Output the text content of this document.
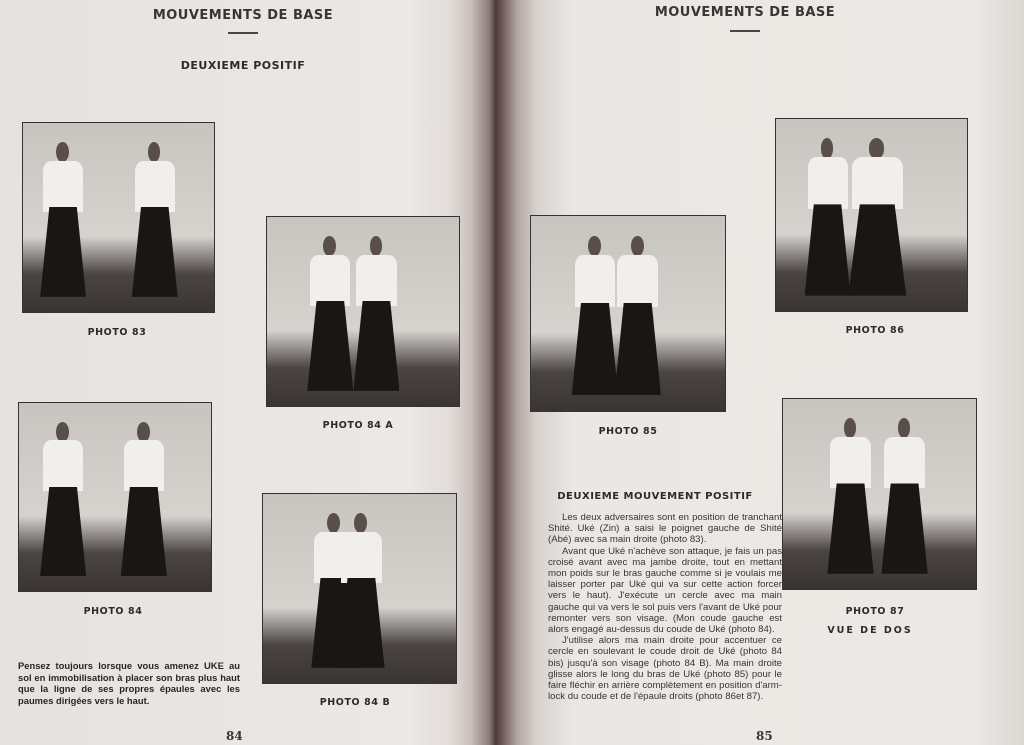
MOUVEMENTS DE BASE
DEUXIEME POSITIF
PHOTO 83
PHOTO 84 A
PHOTO 84
PHOTO 84 B
Pensez toujours lorsque vous amenez UKE au sol en immobilisation à placer son bras plus haut que la ligne de ses propres épaules avec les paumes dirigées vers le haut.
84
MOUVEMENTS DE BASE
PHOTO 85
PHOTO 86
PHOTO 87
VUE DE DOS
DEUXIEME MOUVEMENT POSITIF

Les deux adversaires sont en position de tranchant Shité. Uké (Zin) a saisi le poignet gauche de Shité (Abé) avec sa main droite (photo 83).

Avant que Uké n'achève son attaque, je fais un pas croisé avant avec ma jambe droite, tout en mettant mon poids sur le bras gauche comme si je voulais me laisser porter par Uké qui va sur cette action forcer vers le haut). J'exécute un cercle avec ma main gauche qui va vers le sol puis vers l'avant de Uké pour remonter vers son visage. (Mon coude gauche est alors engagé au-dessus du coude de Uké (photo 84).

J'utilise alors ma main droite pour accentuer ce cercle en soulevant le coude droit de Uké (photo 84 bis) jusqu'à son visage (photo 84 B). Ma main droite glisse alors le long du bras de Uké (photo 85) pour le faire fléchir en arrière complètement en position d'arm-lock du coude et de l'épaule droits (photo 86et 87).

85
